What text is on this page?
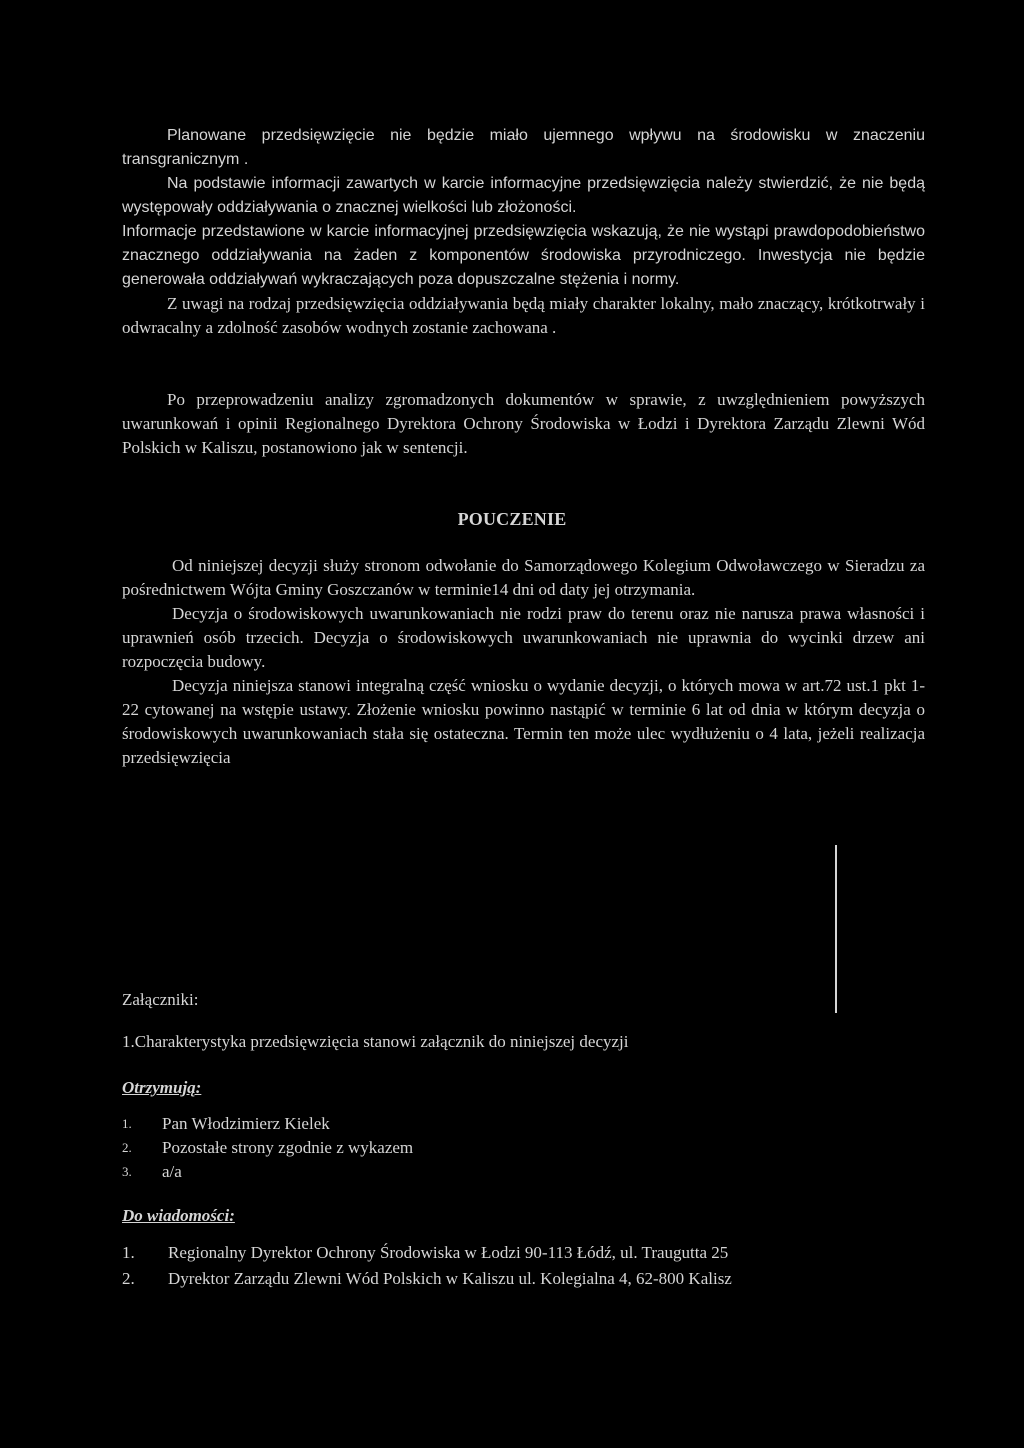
Planowane przedsięwzięcie nie będzie miało ujemnego wpływu na środowisku w znaczeniu transgranicznym .

Na podstawie informacji zawartych w karcie informacyjne przedsięwzięcia należy stwierdzić, że nie będą występowały oddziaływania o znacznej wielkości lub złożoności.

Informacje przedstawione w karcie informacyjnej przedsięwzięcia wskazują, że nie wystąpi prawdopodobieństwo znacznego oddziaływania na żaden z komponentów środowiska przyrodniczego. Inwestycja nie będzie generowała oddziaływań wykraczających poza dopuszczalne stężenia i normy.

Z uwagi na rodzaj przedsięwzięcia oddziaływania będą miały charakter lokalny, mało znaczący, krótkotrwały i odwracalny a zdolność zasobów wodnych zostanie zachowana .

Po przeprowadzeniu analizy zgromadzonych dokumentów w sprawie, z uwzględnieniem powyższych uwarunkowań i opinii Regionalnego Dyrektora Ochrony Środowiska w Łodzi i Dyrektora Zarządu Zlewni Wód Polskich w Kaliszu, postanowiono jak w sentencji.

POUCZENIE

Od niniejszej decyzji służy stronom odwołanie do Samorządowego Kolegium Odwoławczego w Sieradzu za pośrednictwem Wójta Gminy Goszczanów w terminie14 dni od daty jej otrzymania.

Decyzja o środowiskowych uwarunkowaniach nie rodzi praw do terenu oraz nie narusza prawa własności i uprawnień osób trzecich. Decyzja o środowiskowych uwarunkowaniach nie uprawnia do wycinki drzew ani rozpoczęcia budowy.

Decyzja niniejsza stanowi integralną część wniosku o wydanie decyzji, o których mowa w art.72 ust.1 pkt 1-22 cytowanej na wstępie ustawy. Złożenie wniosku powinno nastąpić w terminie 6 lat od dnia w którym decyzja o środowiskowych uwarunkowaniach stała się ostateczna. Termin ten może ulec wydłużeniu o 4 lata, jeżeli realizacja przedsięwzięcia

Załączniki:
1.Charakterystyka przedsięwzięcia stanowi załącznik do niniejszej decyzji
Otrzymują:
1.	Pan Włodzimierz Kielek
2.	Pozostałe strony zgodnie z wykazem
3.	a/a
Do wiadomości:
1.	Regionalny Dyrektor Ochrony Środowiska w Łodzi 90-113 Łódź, ul. Traugutta 25
2.	Dyrektor Zarządu Zlewni Wód Polskich w Kaliszu ul. Kolegialna 4, 62-800 Kalisz
